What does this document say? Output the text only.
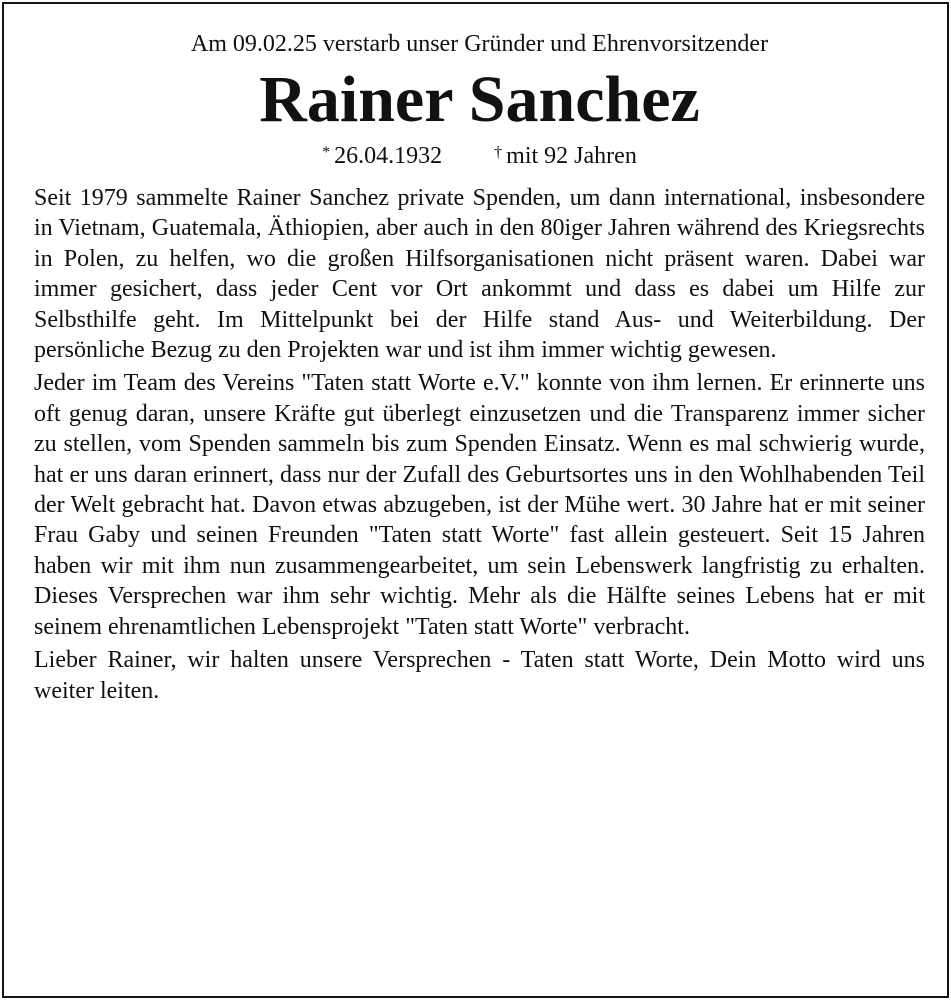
Am 09.02.25 verstarb unser Gründer und Ehrenvorsitzender

Rainer Sanchez

* 26.04.1932	† mit 92 Jahren

Seit 1979 sammelte Rainer Sanchez private Spenden, um dann international, insbesondere in Vietnam, Guatemala, Äthiopien, aber auch in den 80iger Jahren während des Kriegsrechts in Polen, zu helfen, wo die großen Hilfsorganisationen nicht präsent waren. Dabei war immer gesichert, dass jeder Cent vor Ort ankommt und dass es dabei um Hilfe zur Selbsthilfe geht. Im Mittelpunkt bei der Hilfe stand Aus- und Weiterbildung. Der persönliche Bezug zu den Projekten war und ist ihm immer wichtig gewesen.

Jeder im Team des Vereins "Taten statt Worte e.V." konnte von ihm lernen. Er erinnerte uns oft genug daran, unsere Kräfte gut überlegt einzusetzen und die Transparenz immer sicher zu stellen, vom Spenden sammeln bis zum Spenden Einsatz. Wenn es mal schwierig wurde, hat er uns daran erinnert, dass nur der Zufall des Geburtsortes uns in den Wohlhabenden Teil der Welt gebracht hat. Davon etwas abzugeben, ist der Mühe wert. 30 Jahre hat er mit seiner Frau Gaby und seinen Freunden "Taten statt Worte" fast allein gesteuert. Seit 15 Jahren haben wir mit ihm nun zusammengearbeitet, um sein Lebenswerk langfristig zu erhalten. Dieses Versprechen war ihm sehr wichtig. Mehr als die Hälfte seines Lebens hat er mit seinem ehrenamtlichen Lebensprojekt "Taten statt Worte" verbracht.

Lieber Rainer, wir halten unsere Versprechen - Taten statt Worte, Dein Motto wird uns weiter leiten.
